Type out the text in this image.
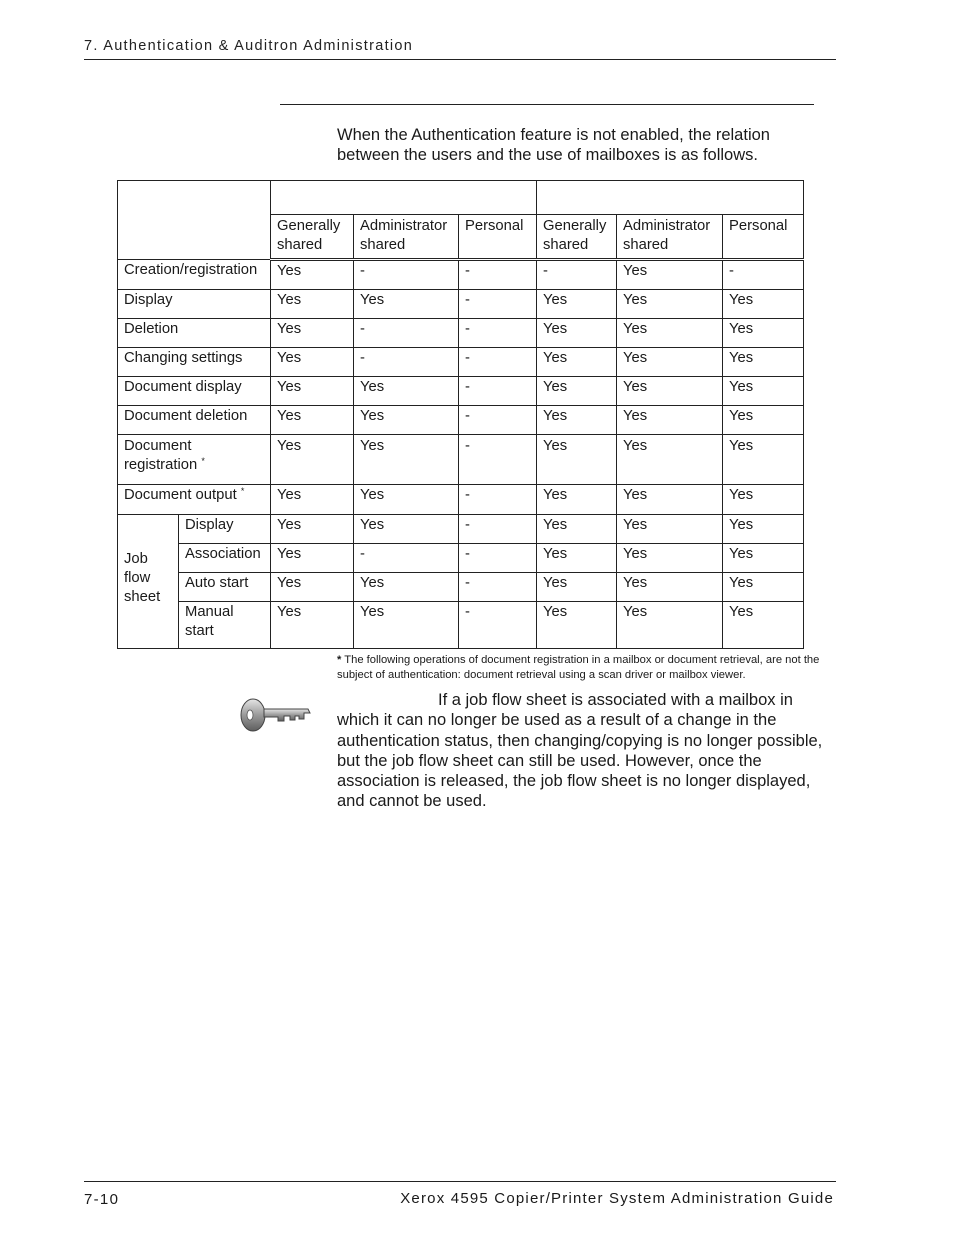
7. Authentication & Auditron Administration

When the Authentication feature is not enabled, the relation between the users and the use of mailboxes is as follows.

		Generally shared	Administrator shared	Personal	Generally shared	Administrator shared	Personal
Creation/registration		Yes	-	-	-	Yes	-
Display		Yes	Yes	-	Yes	Yes	Yes
Deletion		Yes	-	-	Yes	Yes	Yes
Changing settings		Yes	-	-	Yes	Yes	Yes
Document display		Yes	Yes	-	Yes	Yes	Yes
Document deletion		Yes	Yes	-	Yes	Yes	Yes
Document registration *		Yes	Yes	-	Yes	Yes	Yes
Document output *		Yes	Yes	-	Yes	Yes	Yes
Job flow sheet	Display	Yes	Yes	-	Yes	Yes	Yes
	Association	Yes	-	-	Yes	Yes	Yes
	Auto start	Yes	Yes	-	Yes	Yes	Yes
	Manual start	Yes	Yes	-	Yes	Yes	Yes

* The following operations of document registration in a mailbox or document retrieval, are not the subject of authentication: document retrieval using a scan driver or mailbox viewer.

If a job flow sheet is associated with a mailbox in which it can no longer be used as a result of a change in the authentication status, then changing/copying is no longer possible, but the job flow sheet can still be used. However, once the association is released, the job flow sheet is no longer displayed, and cannot be used.

7-10	Xerox 4595 Copier/Printer System Administration Guide
